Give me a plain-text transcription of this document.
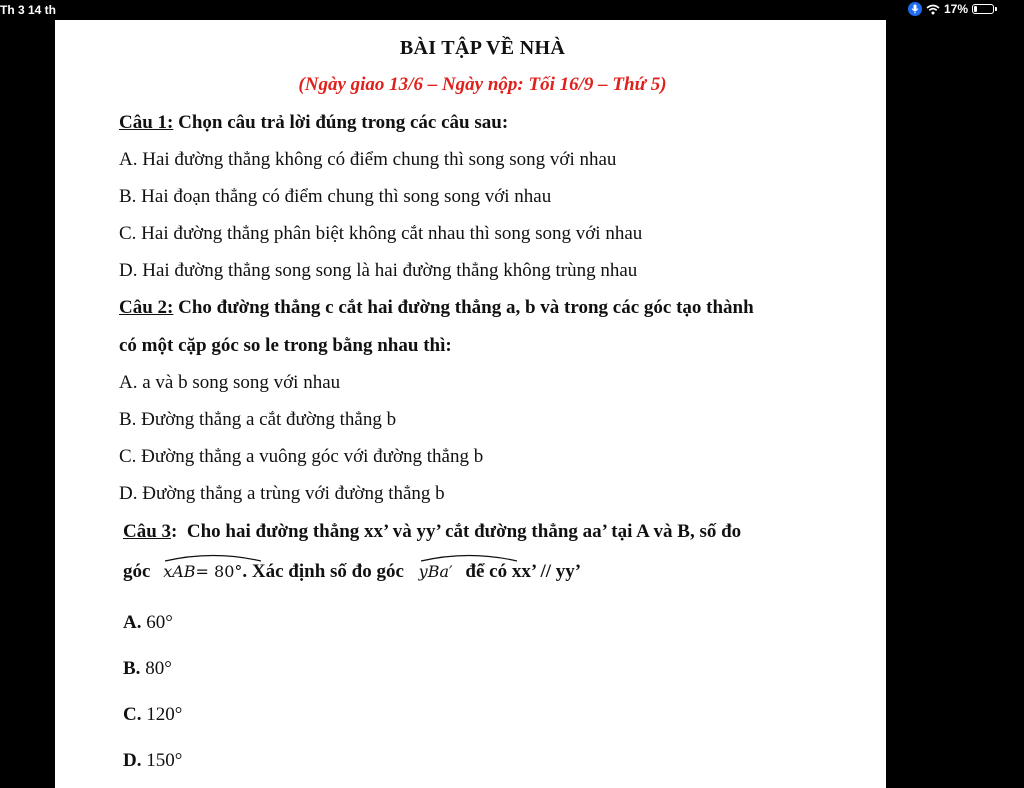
Th 3 14 th	17%
BÀI TẬP VỀ NHÀ
(Ngày giao 13/6 – Ngày nộp: Tối 16/9 – Thứ 5)
Câu 1: Chọn câu trả lời đúng trong các câu sau:
A. Hai đường thẳng không có điểm chung thì song song với nhau
B. Hai đoạn thẳng có điểm chung thì song song với nhau
C. Hai đường thẳng phân biệt không cắt nhau thì song song với nhau
D. Hai đường thẳng song song là hai đường thẳng không trùng nhau
Câu 2: Cho đường thẳng c cắt hai đường thẳng a, b và trong các góc tạo thành
có một cặp góc so le trong bằng nhau thì:
A. a và b song song với nhau
B. Đường thẳng a cắt đường thẳng b
C. Đường thẳng a vuông góc với đường thẳng b
D. Đường thẳng a trùng với đường thẳng b
Câu 3:  Cho hai đường thẳng xx’ và yy’ cắt đường thẳng aa’ tại A và B, số đo
góc xAB= 80°. Xác định số đo góc yBa′ để có xx’ // yy’
A. 60°
B. 80°
C. 120°
D. 150°
